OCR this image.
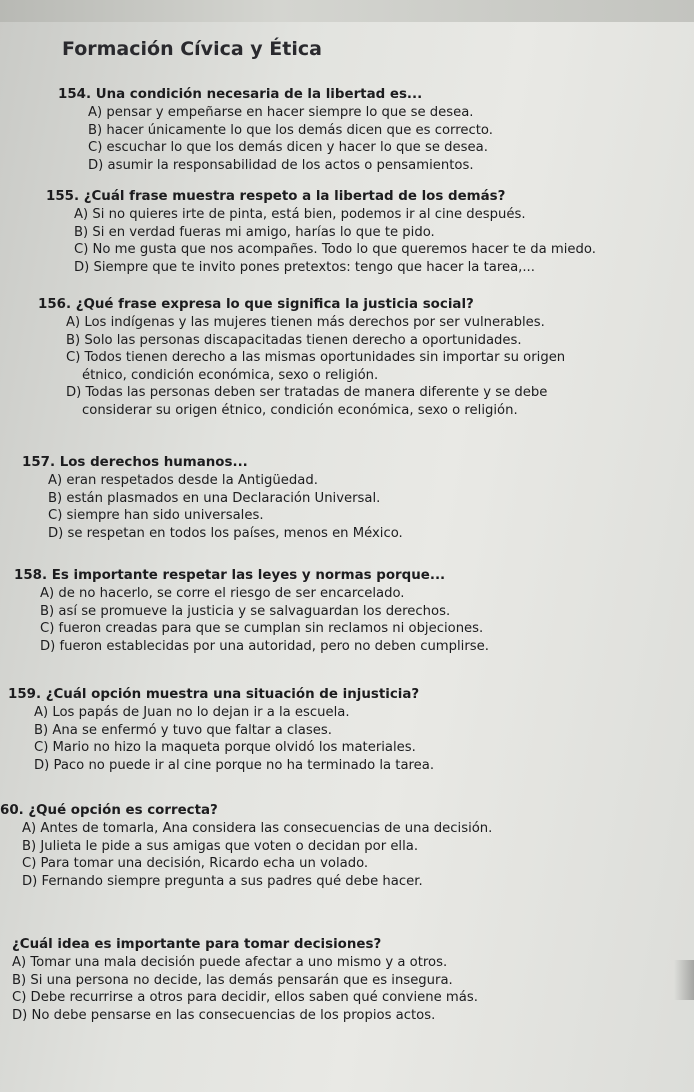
Formación Cívica y Ética
154. Una condición necesaria de la libertad es...
A) pensar y empeñarse en hacer siempre lo que se desea.
B) hacer únicamente lo que los demás dicen que es correcto.
C) escuchar lo que los demás dicen y hacer lo que se desea.
D) asumir la responsabilidad de los actos o pensamientos.
155. ¿Cuál frase muestra respeto a la libertad de los demás?
A) Si no quieres irte de pinta, está bien, podemos ir al cine después.
B) Si en verdad fueras mi amigo, harías lo que te pido.
C) No me gusta que nos acompañes. Todo lo que queremos hacer te da miedo.
D) Siempre que te invito pones pretextos: tengo que hacer la tarea,...
156. ¿Qué frase expresa lo que significa la justicia social?
A) Los indígenas y las mujeres tienen más derechos por ser vulnerables.
B) Solo las personas discapacitadas tienen derecho a oportunidades.
C) Todos tienen derecho a las mismas oportunidades sin importar su origen
étnico, condición económica, sexo o religión.
D) Todas las personas deben ser tratadas de manera diferente y se debe
considerar su origen étnico, condición económica, sexo o religión.
157. Los derechos humanos...
A) eran respetados desde la Antigüedad.
B) están plasmados en una Declaración Universal.
C) siempre han sido universales.
D) se respetan en todos los países, menos en México.
158. Es importante respetar las leyes y normas porque...
A) de no hacerlo, se corre el riesgo de ser encarcelado.
B) así se promueve la justicia y se salvaguardan los derechos.
C) fueron creadas para que se cumplan sin reclamos ni objeciones.
D) fueron establecidas por una autoridad, pero no deben cumplirse.
159. ¿Cuál opción muestra una situación de injusticia?
A) Los papás de Juan no lo dejan ir a la escuela.
B) Ana se enfermó y tuvo que faltar a clases.
C) Mario no hizo la maqueta porque olvidó los materiales.
D) Paco no puede ir al cine porque no ha terminado la tarea.
60. ¿Qué opción es correcta?
A) Antes de tomarla, Ana considera las consecuencias de una decisión.
B) Julieta le pide a sus amigas que voten o decidan por ella.
C) Para tomar una decisión, Ricardo echa un volado.
D) Fernando siempre pregunta a sus padres qué debe hacer.
¿Cuál idea es importante para tomar decisiones?
A) Tomar una mala decisión puede afectar a uno mismo y a otros.
B) Si una persona no decide, las demás pensarán que es insegura.
C) Debe recurrirse a otros para decidir, ellos saben qué conviene más.
D) No debe pensarse en las consecuencias de los propios actos.
